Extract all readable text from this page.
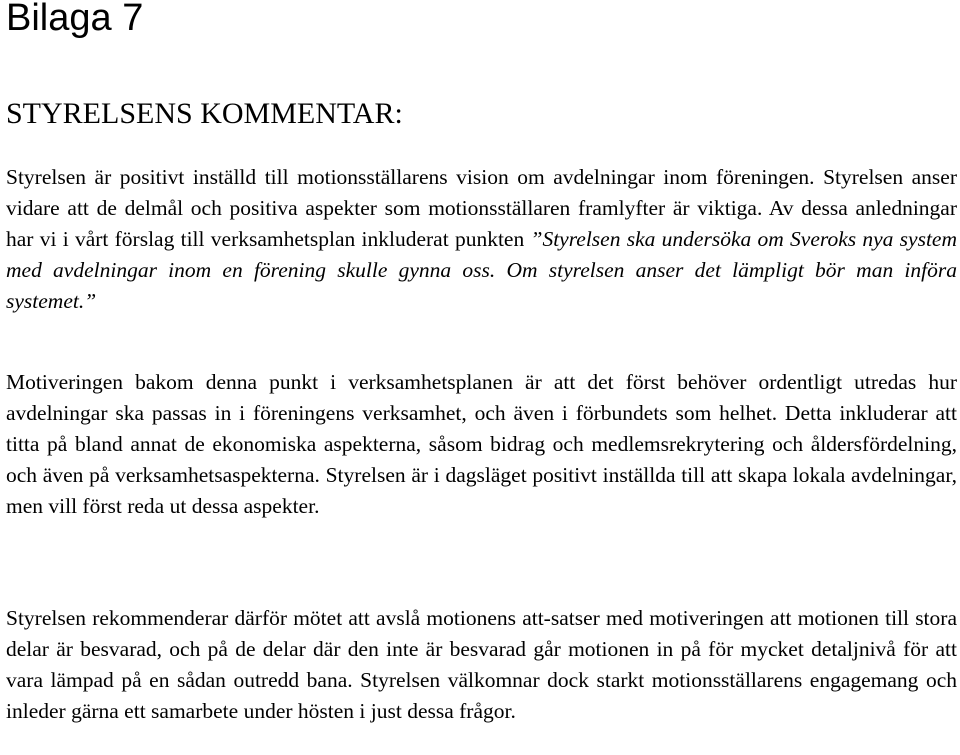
Bilaga 7
STYRELSENS KOMMENTAR:

Styrelsen är positivt inställd till motionsställarens vision om avdelningar inom föreningen. Styrelsen anser vidare att de delmål och positiva aspekter som motionsställaren framlyfter är viktiga. Av dessa anledningar har vi i vårt förslag till verksamhetsplan inkluderat punkten ”Styrelsen ska undersöka om Sveroks nya system med avdelningar inom en förening skulle gynna oss. Om styrelsen anser det lämpligt bör man införa systemet.”

Motiveringen bakom denna punkt i verksamhetsplanen är att det först behöver ordentligt utredas hur avdelningar ska passas in i föreningens verksamhet, och även i förbundets som helhet. Detta inkluderar att titta på bland annat de ekonomiska aspekterna, såsom bidrag och medlemsrekrytering och åldersfördelning, och även på verksamhetsaspekterna. Styrelsen är i dagsläget positivt inställda till att skapa lokala avdelningar, men vill först reda ut dessa aspekter.

Styrelsen rekommenderar därför mötet att avslå motionens att-satser med motiveringen att motionen till stora delar är besvarad, och på de delar där den inte är besvarad går motionen in på för mycket detaljnivå för att vara lämpad på en sådan outredd bana. Styrelsen välkomnar dock starkt motionsställarens engagemang och inleder gärna ett samarbete under hösten i just dessa frågor.
